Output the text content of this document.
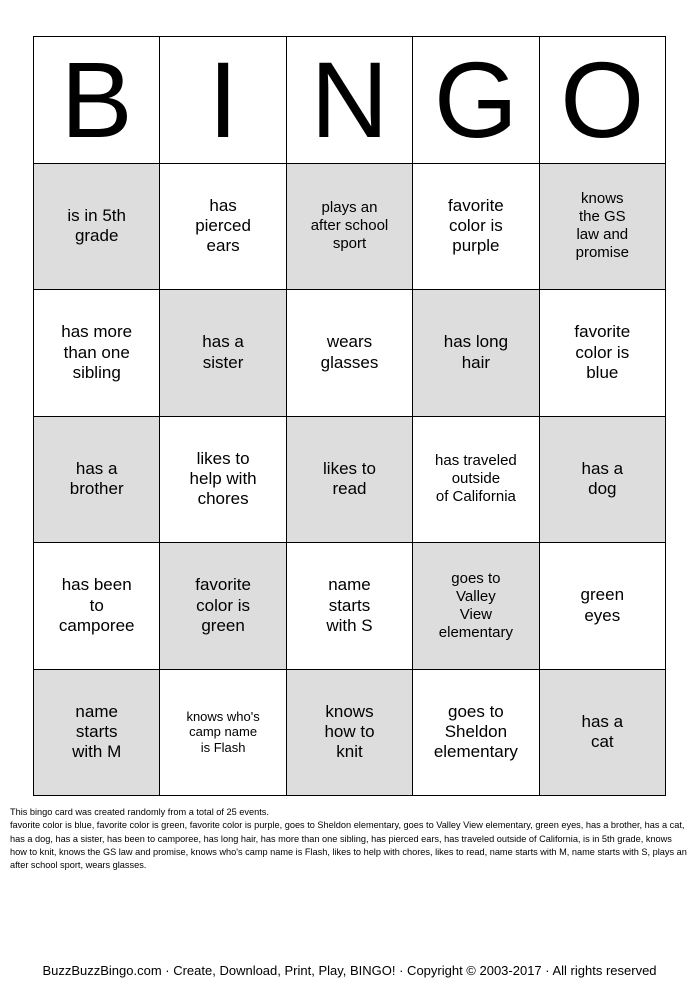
B I N G O
is in 5th
grade
has
pierced
ears
plays an
after school
sport
favorite
color is
purple
knows
the GS
law and
promise
has more
than one
sibling
has a
sister
wears
glasses
has long
hair
favorite
color is
blue
has a
brother
likes to
help with
chores
likes to
read
has traveled
outside
of California
has a
dog
has been
to
camporee
favorite
color is
green
name
starts
with S
goes to
Valley
View
elementary
green
eyes
name
starts
with M
knows who's
camp name
is Flash
knows
how to
knit
goes to
Sheldon
elementary
has a
cat
This bingo card was created randomly from a total of 25 events.
favorite color is blue, favorite color is green, favorite color is purple, goes to Sheldon elementary, goes to Valley View elementary, green eyes, has a brother, has a cat, has a dog, has a sister, has been to camporee, has long hair, has more than one sibling, has pierced ears, has traveled outside of California, is in 5th grade, knows how to knit, knows the GS law and promise, knows who's camp name is Flash, likes to help with chores, likes to read, name starts with M, name starts with S, plays an after school sport, wears glasses.
BuzzBuzzBingo.com · Create, Download, Print, Play, BINGO! · Copyright © 2003-2017 · All rights reserved
